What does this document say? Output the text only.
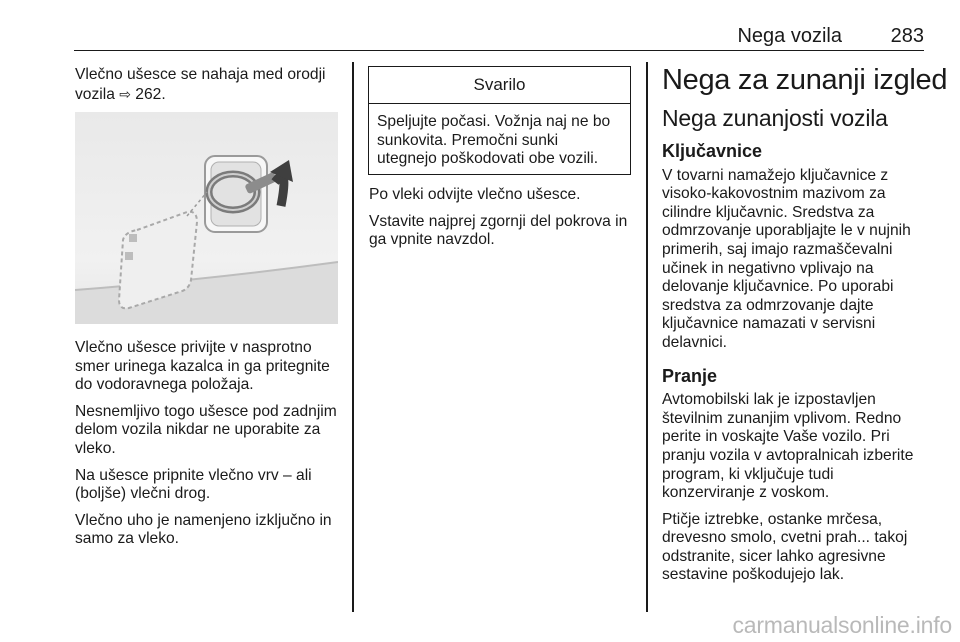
Nega vozila 283

Vlečno ušesce se nahaja med orodji vozila ⇨ 262.

Vlečno ušesce privijte v nasprotno smer urinega kazalca in ga pritegnite do vodoravnega položaja.

Nesnemljivo togo ušesce pod zadnjim delom vozila nikdar ne uporabite za vleko.

Na ušesce pripnite vlečno vrv – ali (boljše) vlečni drog.

Vlečno uho je namenjeno izključno in samo za vleko.

Svarilo
Speljujte počasi. Vožnja naj ne bo sunkovita. Premočni sunki utegnejo poškodovati obe vozili.

Po vleki odvijte vlečno ušesce.

Vstavite najprej zgornji del pokrova in ga vpnite navzdol.

Nega za zunanji izgled
Nega zunanjosti vozila
Ključavnice

V tovarni namažejo ključavnice z visoko-kakovostnim mazivom za cilindre ključavnic. Sredstva za odmrzovanje uporabljajte le v nujnih primerih, saj imajo razmaščevalni učinek in negativno vplivajo na delovanje ključavnice. Po uporabi sredstva za odmrzovanje dajte ključavnice namazati v servisni delavnici.

Pranje

Avtomobilski lak je izpostavljen številnim zunanjim vplivom. Redno perite in voskajte Vaše vozilo. Pri pranju vozila v avtopralnicah izberite program, ki vključuje tudi konzerviranje z voskom.

Ptičje iztrebke, ostanke mrčesa, drevesno smolo, cvetni prah... takoj odstranite, sicer lahko agresivne sestavine poškodujejo lak.

carmanualsonline.info
